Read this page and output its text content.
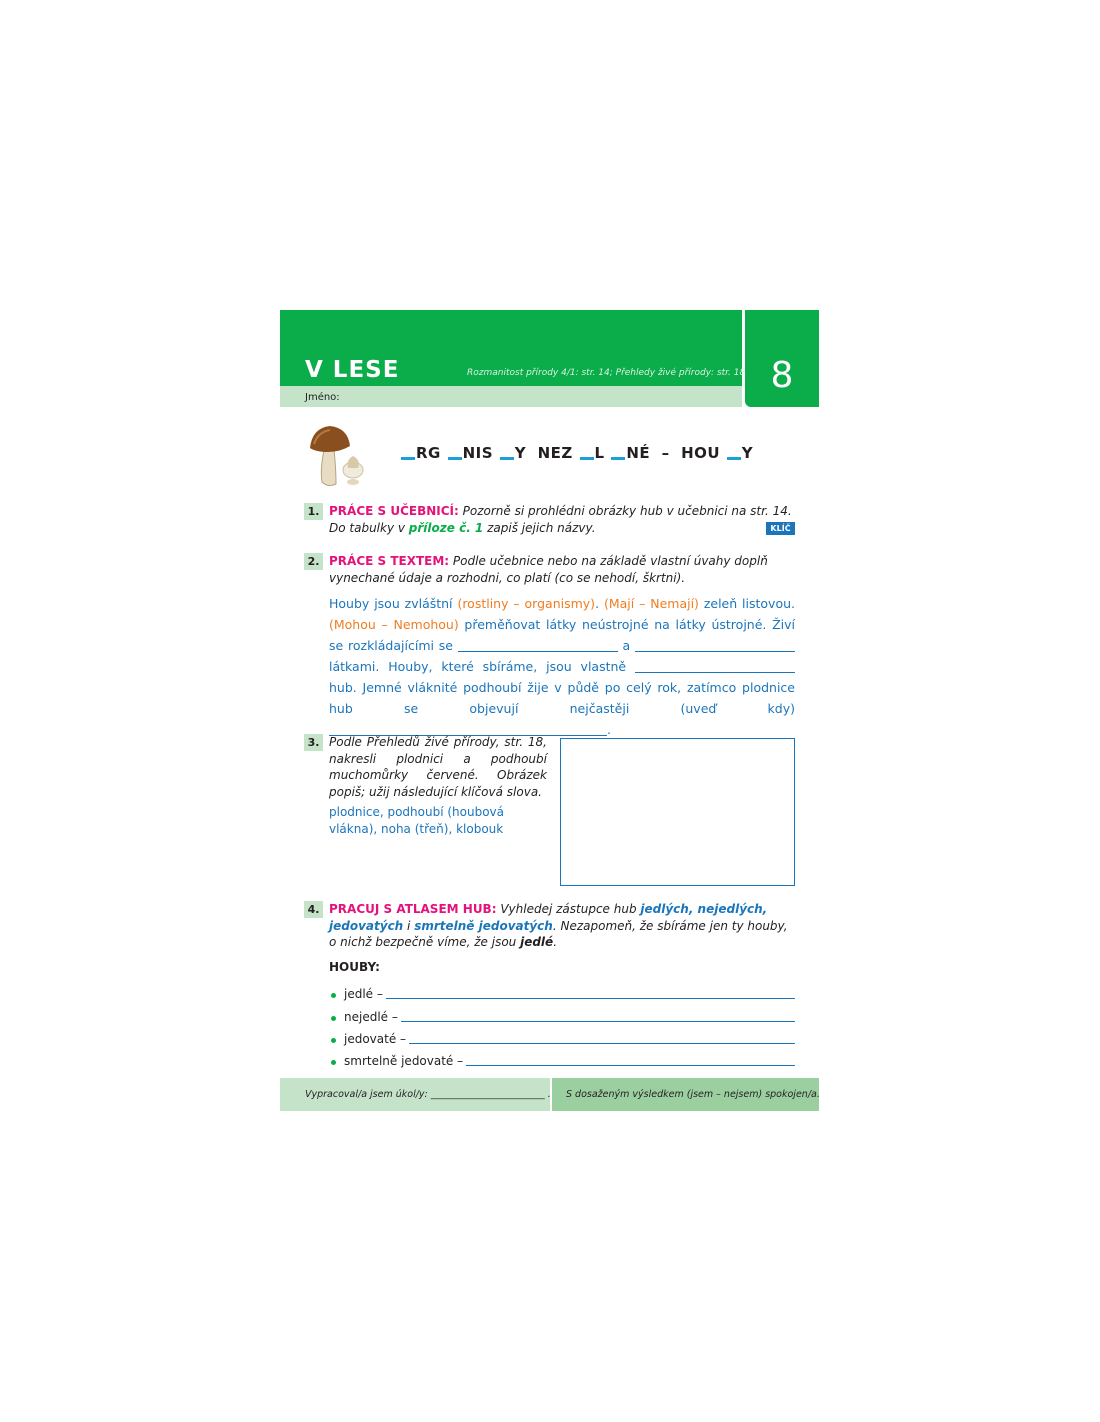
V LESE	Rozmanitost přírody 4/1: str. 14; Přehledy živé přírody: str. 18
Jméno:
8
RG NIS Y NEZ L NÉ – HOU Y
1. PRÁCE S UČEBNICÍ: Pozorně si prohlédni obrázky hub v učebnici na str. 14. Do tabulky v příloze č. 1 zapiš jejich názvy.	KLÍČ
2. PRÁCE S TEXTEM: Podle učebnice nebo na základě vlastní úvahy doplň vynechané údaje a rozhodni, co platí (co se nehodí, škrtni).
Houby jsou zvláštní (rostliny – organismy). (Mají – Nemají) zeleň listovou. (Mohou – Nemohou) přeměňovat látky neústrojné na látky ústrojné. Živí se rozkládajícími se	a  látkami. Houby, které sbíráme, jsou vlastně  hub. Jemné vláknité podhoubí žije v půdě po celý rok, zatímco plodnice hub se objevují nejčastěji (uveď kdy) .
3. Podle Přehledů živé přírody, str. 18, nakresli plodnici a podhoubí muchomůrky červené. Obrázek popiš; užij následující klíčová slova.
plodnice, podhoubí (houbová vlákna), noha (třeň), klobouk
4. PRACUJ S ATLASEM HUB: Vyhledej zástupce hub jedlých, nejedlých, jedovatých i smrtelně jedovatých. Nezapomeň, že sbíráme jen ty houby, o nichž bezpečně víme, že jsou jedlé.
HOUBY:
jedlé –
nejedlé –
jedovaté –
smrtelně jedovaté –
Vypracoval/a jsem úkol/y: ________________________ . S dosaženým výsledkem (jsem – nejsem) spokojen/a.
